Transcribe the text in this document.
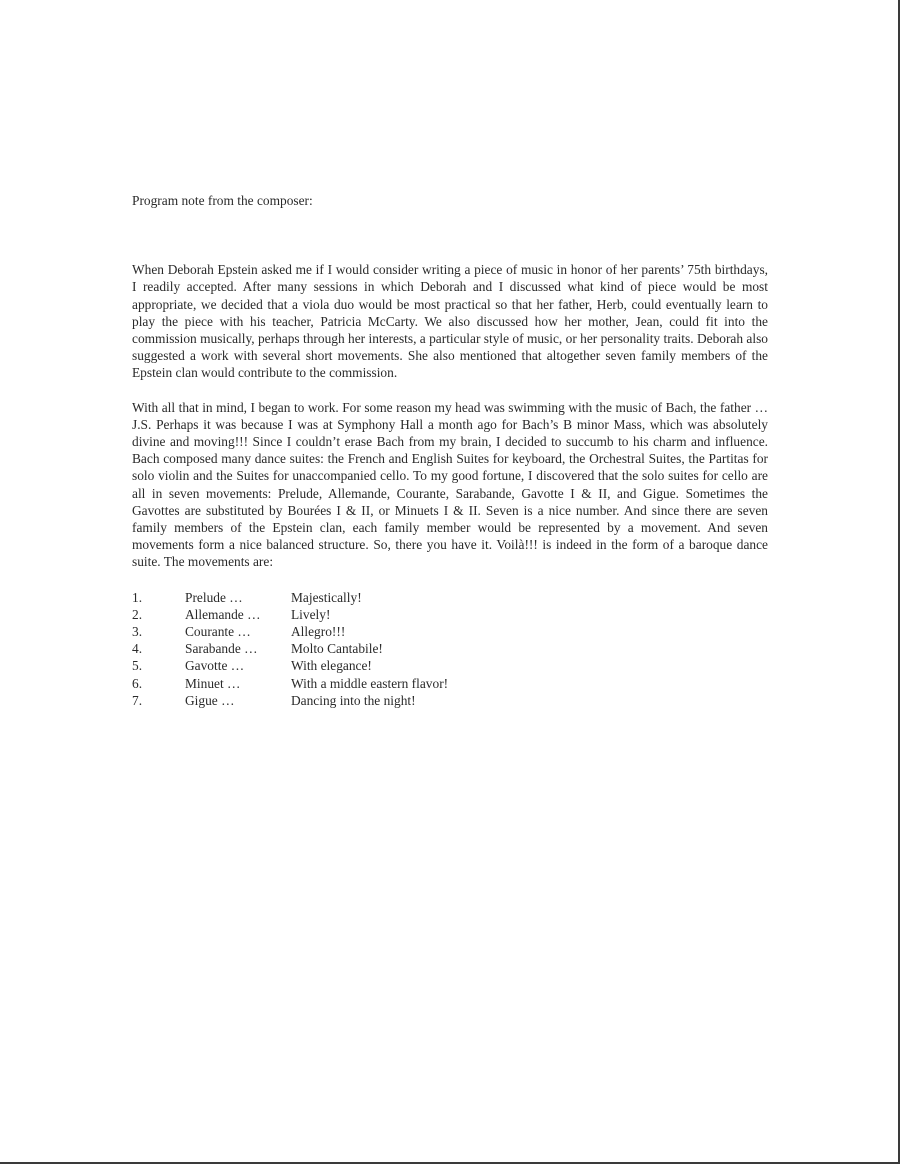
Program note from the composer:

When Deborah Epstein asked me if I would consider writing a piece of music in honor of her parents’ 75th birthdays, I readily accepted. After many sessions in which Deborah and I discussed what kind of piece would be most appropriate, we decided that a viola duo would be most practical so that her father, Herb, could eventually learn to play the piece with his teacher, Patricia McCarty. We also discussed how her mother, Jean, could fit into the commission musically, perhaps through her interests, a particular style of music, or her personality traits. Deborah also suggested a work with several short movements. She also mentioned that altogether seven family members of the Epstein clan would contribute to the commission.

With all that in mind, I began to work. For some reason my head was swimming with the music of Bach, the father … J.S. Perhaps it was because I was at Symphony Hall a month ago for Bach’s B minor Mass, which was absolutely divine and moving!!! Since I couldn’t erase Bach from my brain, I decided to succumb to his charm and influence. Bach composed many dance suites: the French and English Suites for keyboard, the Orchestral Suites, the Partitas for solo violin and the Suites for unaccompanied cello. To my good fortune, I discovered that the solo suites for cello are all in seven movements: Prelude, Allemande, Courante, Sarabande, Gavotte I & II, and Gigue. Sometimes the Gavottes are substituted by Bourées I & II, or Minuets I & II. Seven is a nice number. And since there are seven family members of the Epstein clan, each family member would be represented by a movement. And seven movements form a nice balanced structure. So, there you have it. Voilà!!! is indeed in the form of a baroque dance suite. The movements are:

1.	Prelude …	Majestically!
2.	Allemande …	Lively!
3.	Courante …	Allegro!!!
4.	Sarabande …	Molto Cantabile!
5.	Gavotte …	With elegance!
6.	Minuet …	With a middle eastern flavor!
7.	Gigue …	Dancing into the night!
